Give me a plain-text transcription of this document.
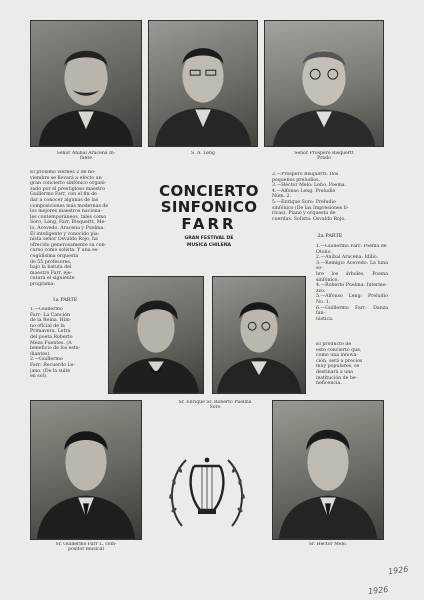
Señor Aníbal Aracena In-
fante
S. A. Leng	Señor Próspero Bisquertt
Prado
El próximo viernes 2 de no-
viembre se llevará a efecto un
gran concierto sinfónico organi-
zado por el prestigioso maestro
Guillermo Farr, con el fin de
dar a conocer algunas de las
composiciones más modernas de
los mejores maestros naciona-
les contemporáneos, tales como
Soro, Leng, Farr, Bisquertt, Me-
lo, Acevedo, Aracena y Puelma.
El inteligente y conocido pia-
nista señor Osvaldo Rojo, ha
ofrecido generosamente su con-
curso como solista. Y una es-
cogidísima orquesta
de 55 profesores,
bajo la batuta del
maestro Farr, eje-
cutará el siguiente
programa:
1a PARTE
1.—Guillermo
Farr: La Canción
de la Reina. Him-
no oficial de la
Primavera. Letra
del poeta Roberto
Meza Fuentes. (A
beneficio de los estu-
diantes).
2.—Guillermo
Farr: Recuerdo Le-
jano. (De la suite
en sol).
CONCIERTO
SINFONICO
FARR
GRAN FESTIVAL DE
MUSICA CHILENA
2.—Próspero Bisquertt: Dos
pequeños preludios.
3.—Héctor Melo: Leño, Poema.
4.—Alfonso Leng: Preludio
Núm. 2.
5.—Enrique Soro: Preludio
sinfónico (De las Impresiones lí-
ricas). Piano y orquesta de
cuerdas. Solista: Osvaldo Rojo.
2a PARTE
1.—Guillermo Farr: Poema de
Otoño.
2.—Aníbal Aracena: Idilio.
3.—Remigio Acevedo: La luna so-
bre los árboles. Poema sinfónico.
4.—Roberto Puelma: Interme-
zzo.
5.—Alfonso Leng: Preludio No. 1.
6.—Guillermo Farr: Danza fan-
tástica.
El producto de
este concierto que,
como una innova-
ción, será a precios
muy populares, se
destinará a una
institución de be-
neficencia.
Sr. Enrique Sr. Roberto Puelma
Soro
Sr. Guillermo Farr L. com-
positor musical
Sr. Héctor Melo.
1926
1926
